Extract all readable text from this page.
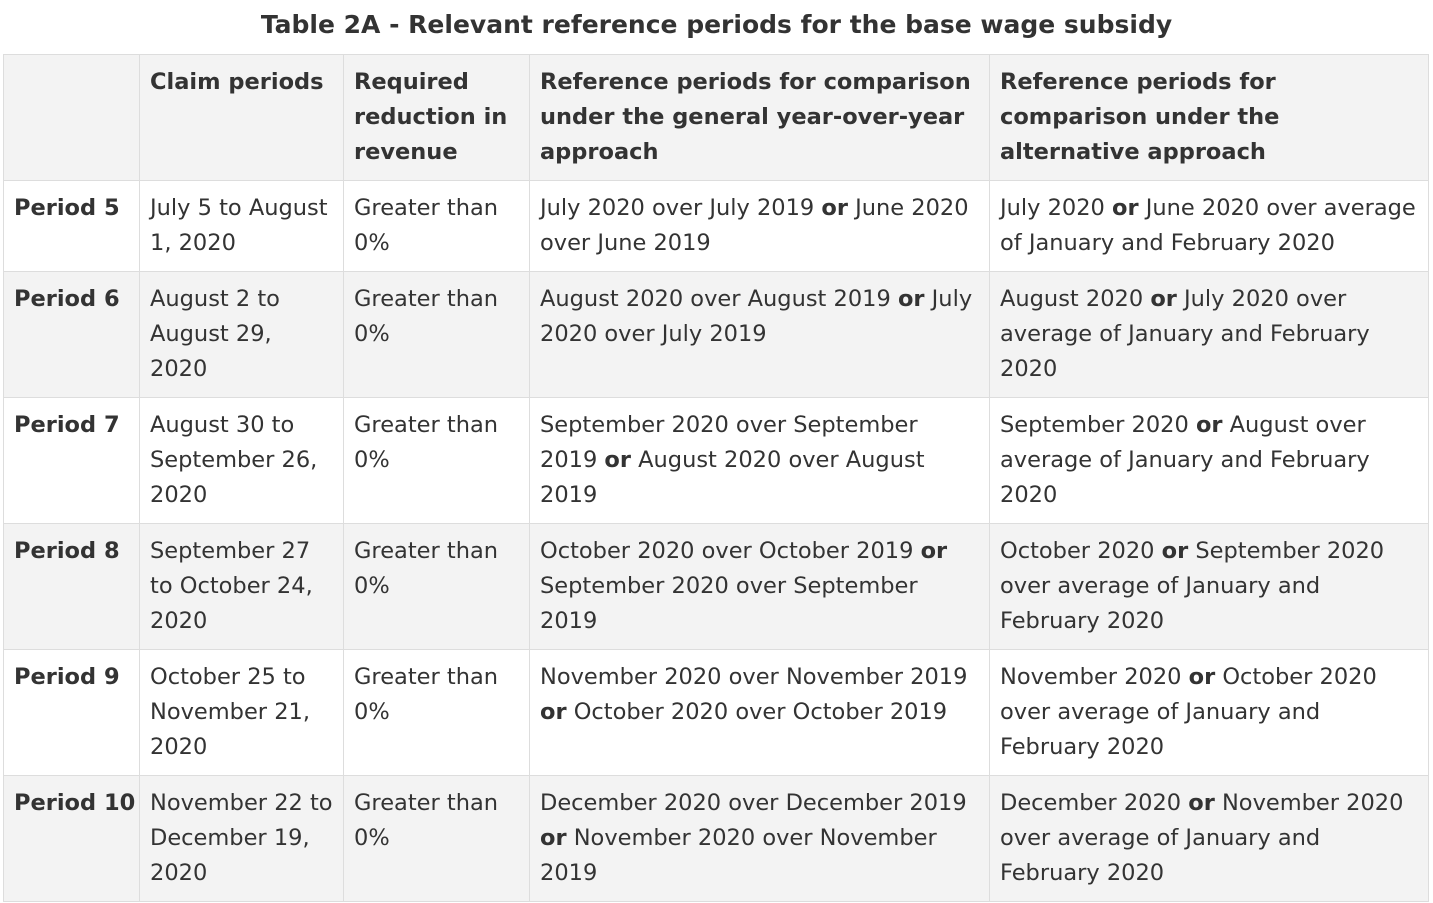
Table 2A - Relevant reference periods for the base wage subsidy
	Claim periods	Required reduction in revenue	Reference periods for comparison under the general year-over-year approach	Reference periods for comparison under the alternative approach
Period 5	July 5 to August 1, 2020	Greater than 0%	July 2020 over July 2019 or June 2020 over June 2019	July 2020 or June 2020 over average of January and February 2020
Period 6	August 2 to August 29, 2020	Greater than 0%	August 2020 over August 2019 or July 2020 over July 2019	August 2020 or July 2020 over average of January and February 2020
Period 7	August 30 to September 26, 2020	Greater than 0%	September 2020 over September 2019 or August 2020 over August 2019	September 2020 or August over average of January and February 2020
Period 8	September 27 to October 24, 2020	Greater than 0%	October 2020 over October 2019 or September 2020 over September 2019	October 2020 or September 2020 over average of January and February 2020
Period 9	October 25 to November 21, 2020	Greater than 0%	November 2020 over November 2019 or October 2020 over October 2019	November 2020 or October 2020 over average of January and February 2020
Period 10	November 22 to December 19, 2020	Greater than 0%	December 2020 over December 2019 or November 2020 over November 2019	December 2020 or November 2020 over average of January and February 2020
